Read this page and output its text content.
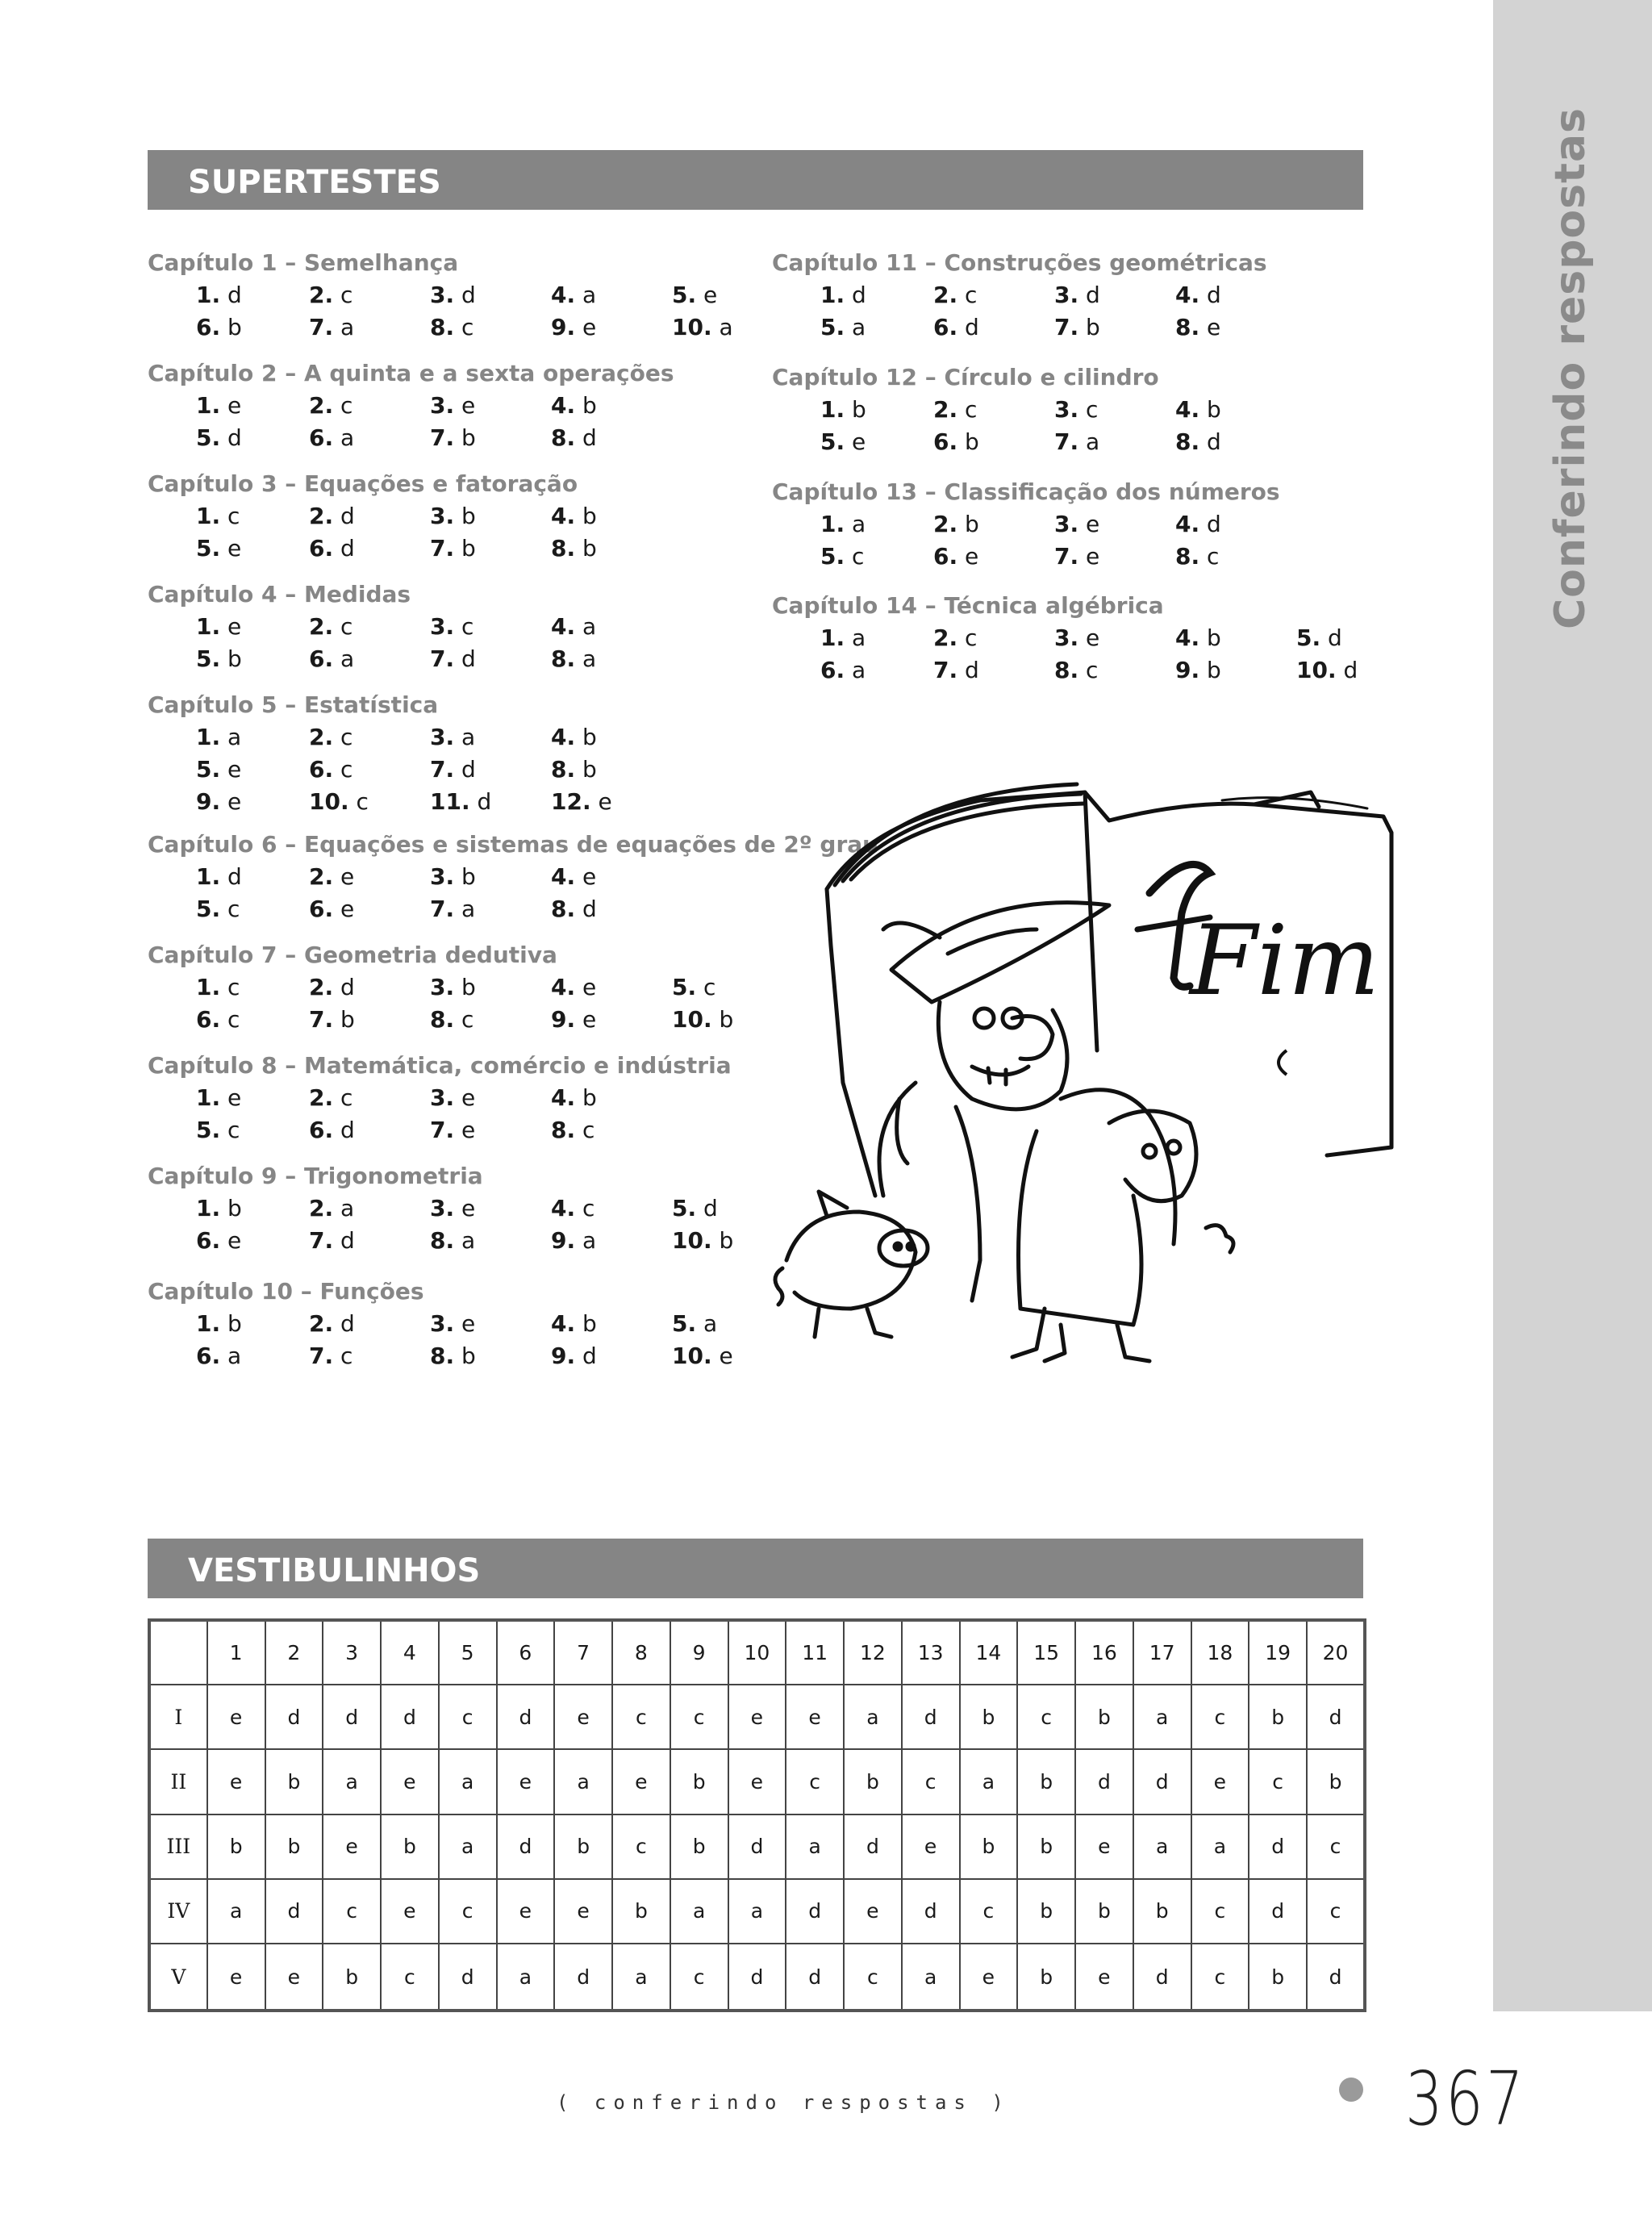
Conferindo respostas
SUPERTESTES
Capítulo 1 – Semelhança
1. d	2. c	3. d	4. a	5. e
6. b	7. a	8. c	9. e	10. a
Capítulo 2 – A quinta e a sexta operações
1. e	2. c	3. e	4. b
5. d	6. a	7. b	8. d
Capítulo 3 – Equações e fatoração
1. c	2. d	3. b	4. b
5. e	6. d	7. b	8. b
Capítulo 4 – Medidas
1. e	2. c	3. c	4. a
5. b	6. a	7. d	8. a
Capítulo 5 – Estatística
1. a	2. c	3. a	4. b
5. e	6. c	7. d	8. b
9. e	10. c	11. d	12. e
Capítulo 6 – Equações e sistemas de equações de 2º grau
1. d	2. e	3. b	4. e
5. c	6. e	7. a	8. d
Capítulo 7 – Geometria dedutiva
1. c	2. d	3. b	4. e	5. c
6. c	7. b	8. c	9. e	10. b
Capítulo 8 – Matemática, comércio e indústria
1. e	2. c	3. e	4. b
5. c	6. d	7. e	8. c
Capítulo 9 – Trigonometria
1. b	2. a	3. e	4. c	5. d
6. e	7. d	8. a	9. a	10. b
Capítulo 10 – Funções
1. b	2. d	3. e	4. b	5. a
6. a	7. c	8. b	9. d	10. e
Capítulo 11 – Construções geométricas
1. d	2. c	3. d	4. d
5. a	6. d	7. b	8. e
Capítulo 12 – Círculo e cilindro
1. b	2. c	3. c	4. b
5. e	6. b	7. a	8. d
Capítulo 13 – Classificação dos números
1. a	2. b	3. e	4. d
5. c	6. e	7. e	8. c
Capítulo 14 – Técnica algébrica
1. a	2. c	3. e	4. b	5. d
6. a	7. d	8. c	9. b	10. d
Fim
VESTIBULINHOS
	1	2	3	4	5	6	7	8	9	10	11	12	13	14	15	16	17	18	19	20
I	e	d	d	d	c	d	e	c	c	e	e	a	d	b	c	b	a	c	b	d
II	e	b	a	e	a	e	a	e	b	e	c	b	c	a	b	d	d	e	c	b
III	b	b	e	b	a	d	b	c	b	d	a	d	e	b	b	e	a	a	d	c
IV	a	d	c	e	c	e	e	b	a	a	d	e	d	c	b	b	b	c	d	c
V	e	e	b	c	d	a	d	a	c	d	d	c	a	e	b	e	d	c	b	d
( conferindo respostas )	367
